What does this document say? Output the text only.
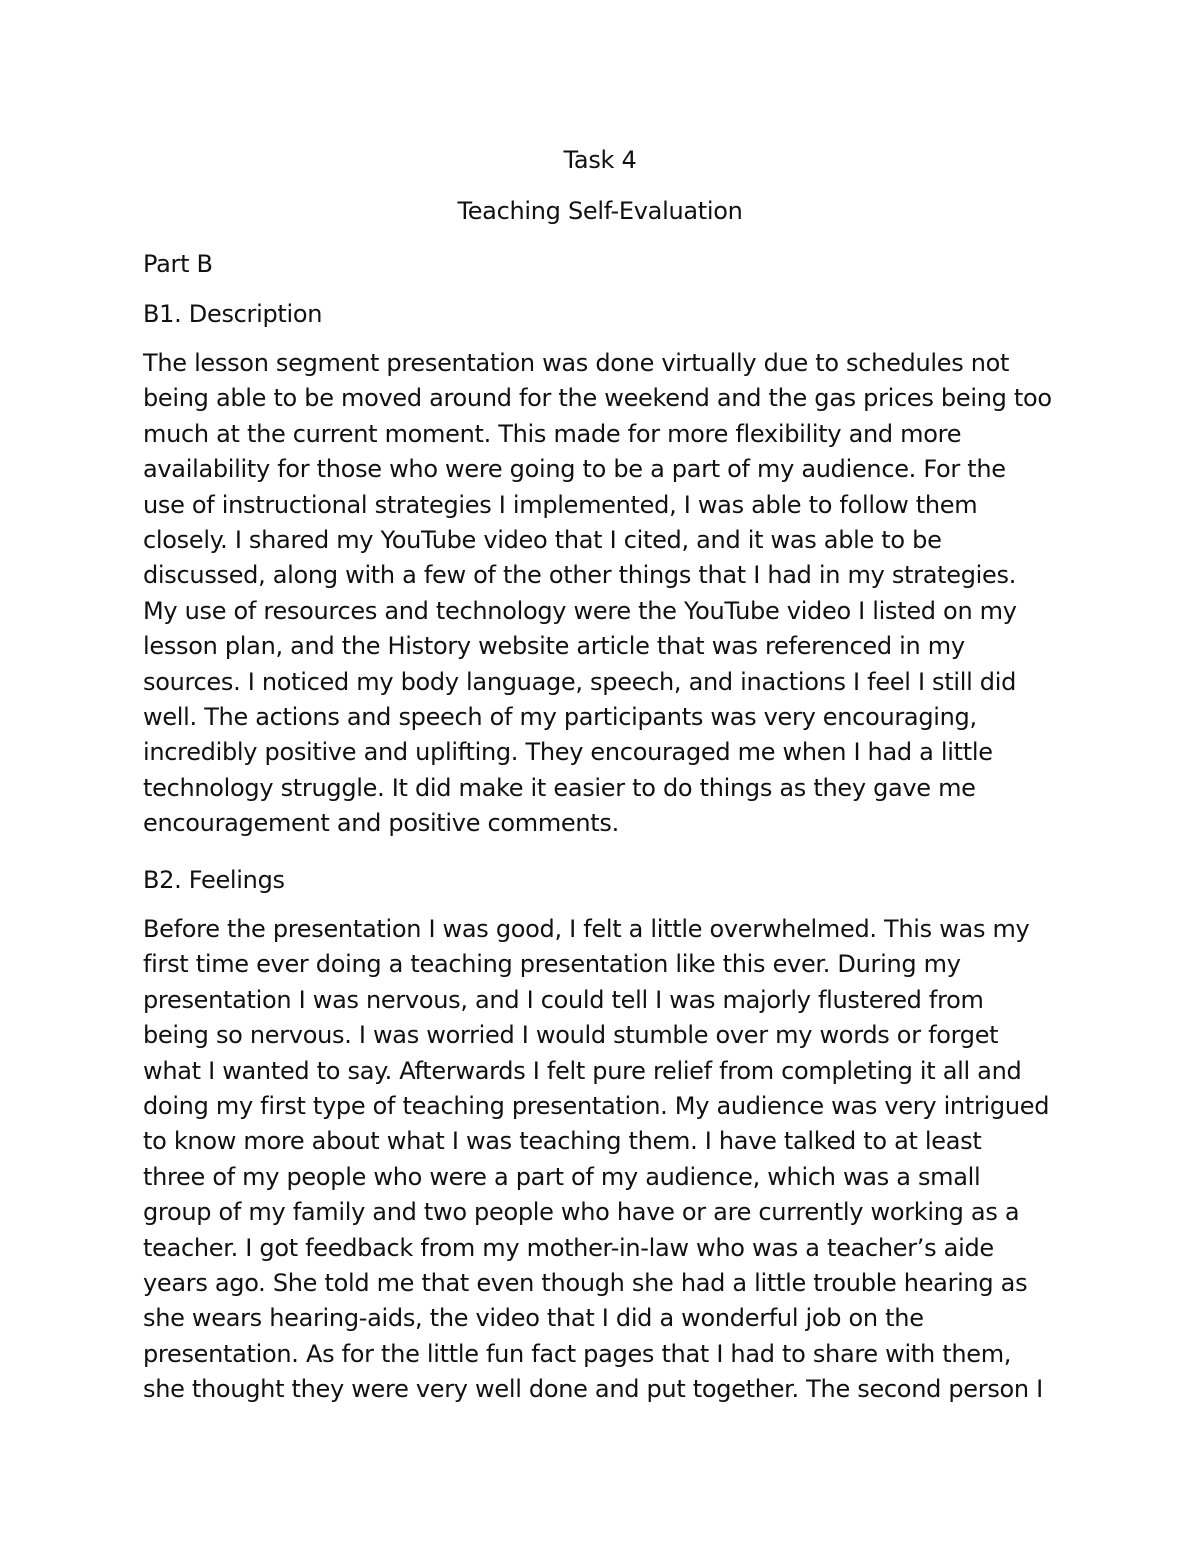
Task 4
Teaching Self-Evaluation
Part B
B1. Description
The lesson segment presentation was done virtually due to schedules not
being able to be moved around for the weekend and the gas prices being too
much at the current moment. This made for more flexibility and more
availability for those who were going to be a part of my audience. For the
use of instructional strategies I implemented, I was able to follow them
closely. I shared my YouTube video that I cited, and it was able to be
discussed, along with a few of the other things that I had in my strategies.
My use of resources and technology were the YouTube video I listed on my
lesson plan, and the History website article that was referenced in my
sources. I noticed my body language, speech, and inactions I feel I still did
well. The actions and speech of my participants was very encouraging,
incredibly positive and uplifting. They encouraged me when I had a little
technology struggle. It did make it easier to do things as they gave me
encouragement and positive comments.
B2. Feelings
Before the presentation I was good, I felt a little overwhelmed. This was my
first time ever doing a teaching presentation like this ever. During my
presentation I was nervous, and I could tell I was majorly flustered from
being so nervous. I was worried I would stumble over my words or forget
what I wanted to say. Afterwards I felt pure relief from completing it all and
doing my first type of teaching presentation. My audience was very intrigued
to know more about what I was teaching them. I have talked to at least
three of my people who were a part of my audience, which was a small
group of my family and two people who have or are currently working as a
teacher. I got feedback from my mother-in-law who was a teacher’s aide
years ago. She told me that even though she had a little trouble hearing as
she wears hearing-aids, the video that I did a wonderful job on the
presentation. As for the little fun fact pages that I had to share with them,
she thought they were very well done and put together. The second person I
